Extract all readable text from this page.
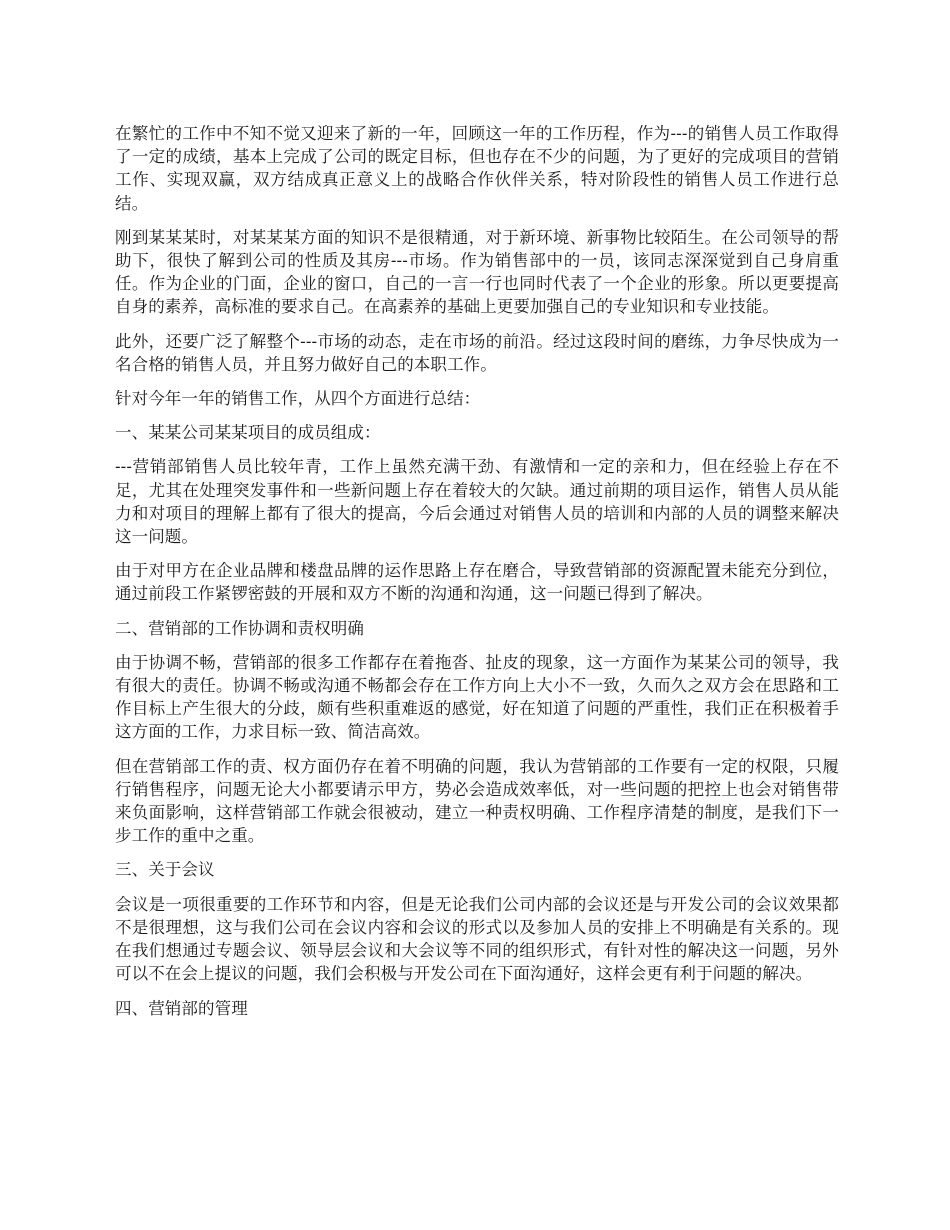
在繁忙的工作中不知不觉又迎来了新的一年，回顾这一年的工作历程，作为---的销售人员工作取得了一定的成绩，基本上完成了公司的既定目标，但也存在不少的问题，为了更好的完成项目的营销工作、实现双赢，双方结成真正意义上的战略合作伙伴关系，特对阶段性的销售人员工作进行总结。

刚到某某某时，对某某某方面的知识不是很精通，对于新环境、新事物比较陌生。在公司领导的帮助下，很快了解到公司的性质及其房---市场。作为销售部中的一员，该同志深深觉到自己身肩重任。作为企业的门面，企业的窗口，自己的一言一行也同时代表了一个企业的形象。所以更要提高自身的素养，高标准的要求自己。在高素养的基础上更要加强自己的专业知识和专业技能。

此外，还要广泛了解整个---市场的动态，走在市场的前沿。经过这段时间的磨练，力争尽快成为一名合格的销售人员，并且努力做好自己的本职工作。

针对今年一年的销售工作，从四个方面进行总结：

一、某某公司某某项目的成员组成：

---营销部销售人员比较年青，工作上虽然充满干劲、有激情和一定的亲和力，但在经验上存在不足，尤其在处理突发事件和一些新问题上存在着较大的欠缺。通过前期的项目运作，销售人员从能力和对项目的理解上都有了很大的提高，今后会通过对销售人员的培训和内部的人员的调整来解决这一问题。

由于对甲方在企业品牌和楼盘品牌的运作思路上存在磨合，导致营销部的资源配置未能充分到位，通过前段工作紧锣密鼓的开展和双方不断的沟通和沟通，这一问题已得到了解决。

二、营销部的工作协调和责权明确

由于协调不畅，营销部的很多工作都存在着拖沓、扯皮的现象，这一方面作为某某公司的领导，我有很大的责任。协调不畅或沟通不畅都会存在工作方向上大小不一致，久而久之双方会在思路和工作目标上产生很大的分歧，颇有些积重难返的感觉，好在知道了问题的严重性，我们正在积极着手这方面的工作，力求目标一致、简洁高效。

但在营销部工作的责、权方面仍存在着不明确的问题，我认为营销部的工作要有一定的权限，只履行销售程序，问题无论大小都要请示甲方，势必会造成效率低，对一些问题的把控上也会对销售带来负面影响，这样营销部工作就会很被动，建立一种责权明确、工作程序清楚的制度，是我们下一步工作的重中之重。

三、关于会议

会议是一项很重要的工作环节和内容，但是无论我们公司内部的会议还是与开发公司的会议效果都不是很理想，这与我们公司在会议内容和会议的形式以及参加人员的安排上不明确是有关系的。现在我们想通过专题会议、领导层会议和大会议等不同的组织形式，有针对性的解决这一问题，另外可以不在会上提议的问题，我们会积极与开发公司在下面沟通好，这样会更有利于问题的解决。

四、营销部的管理
